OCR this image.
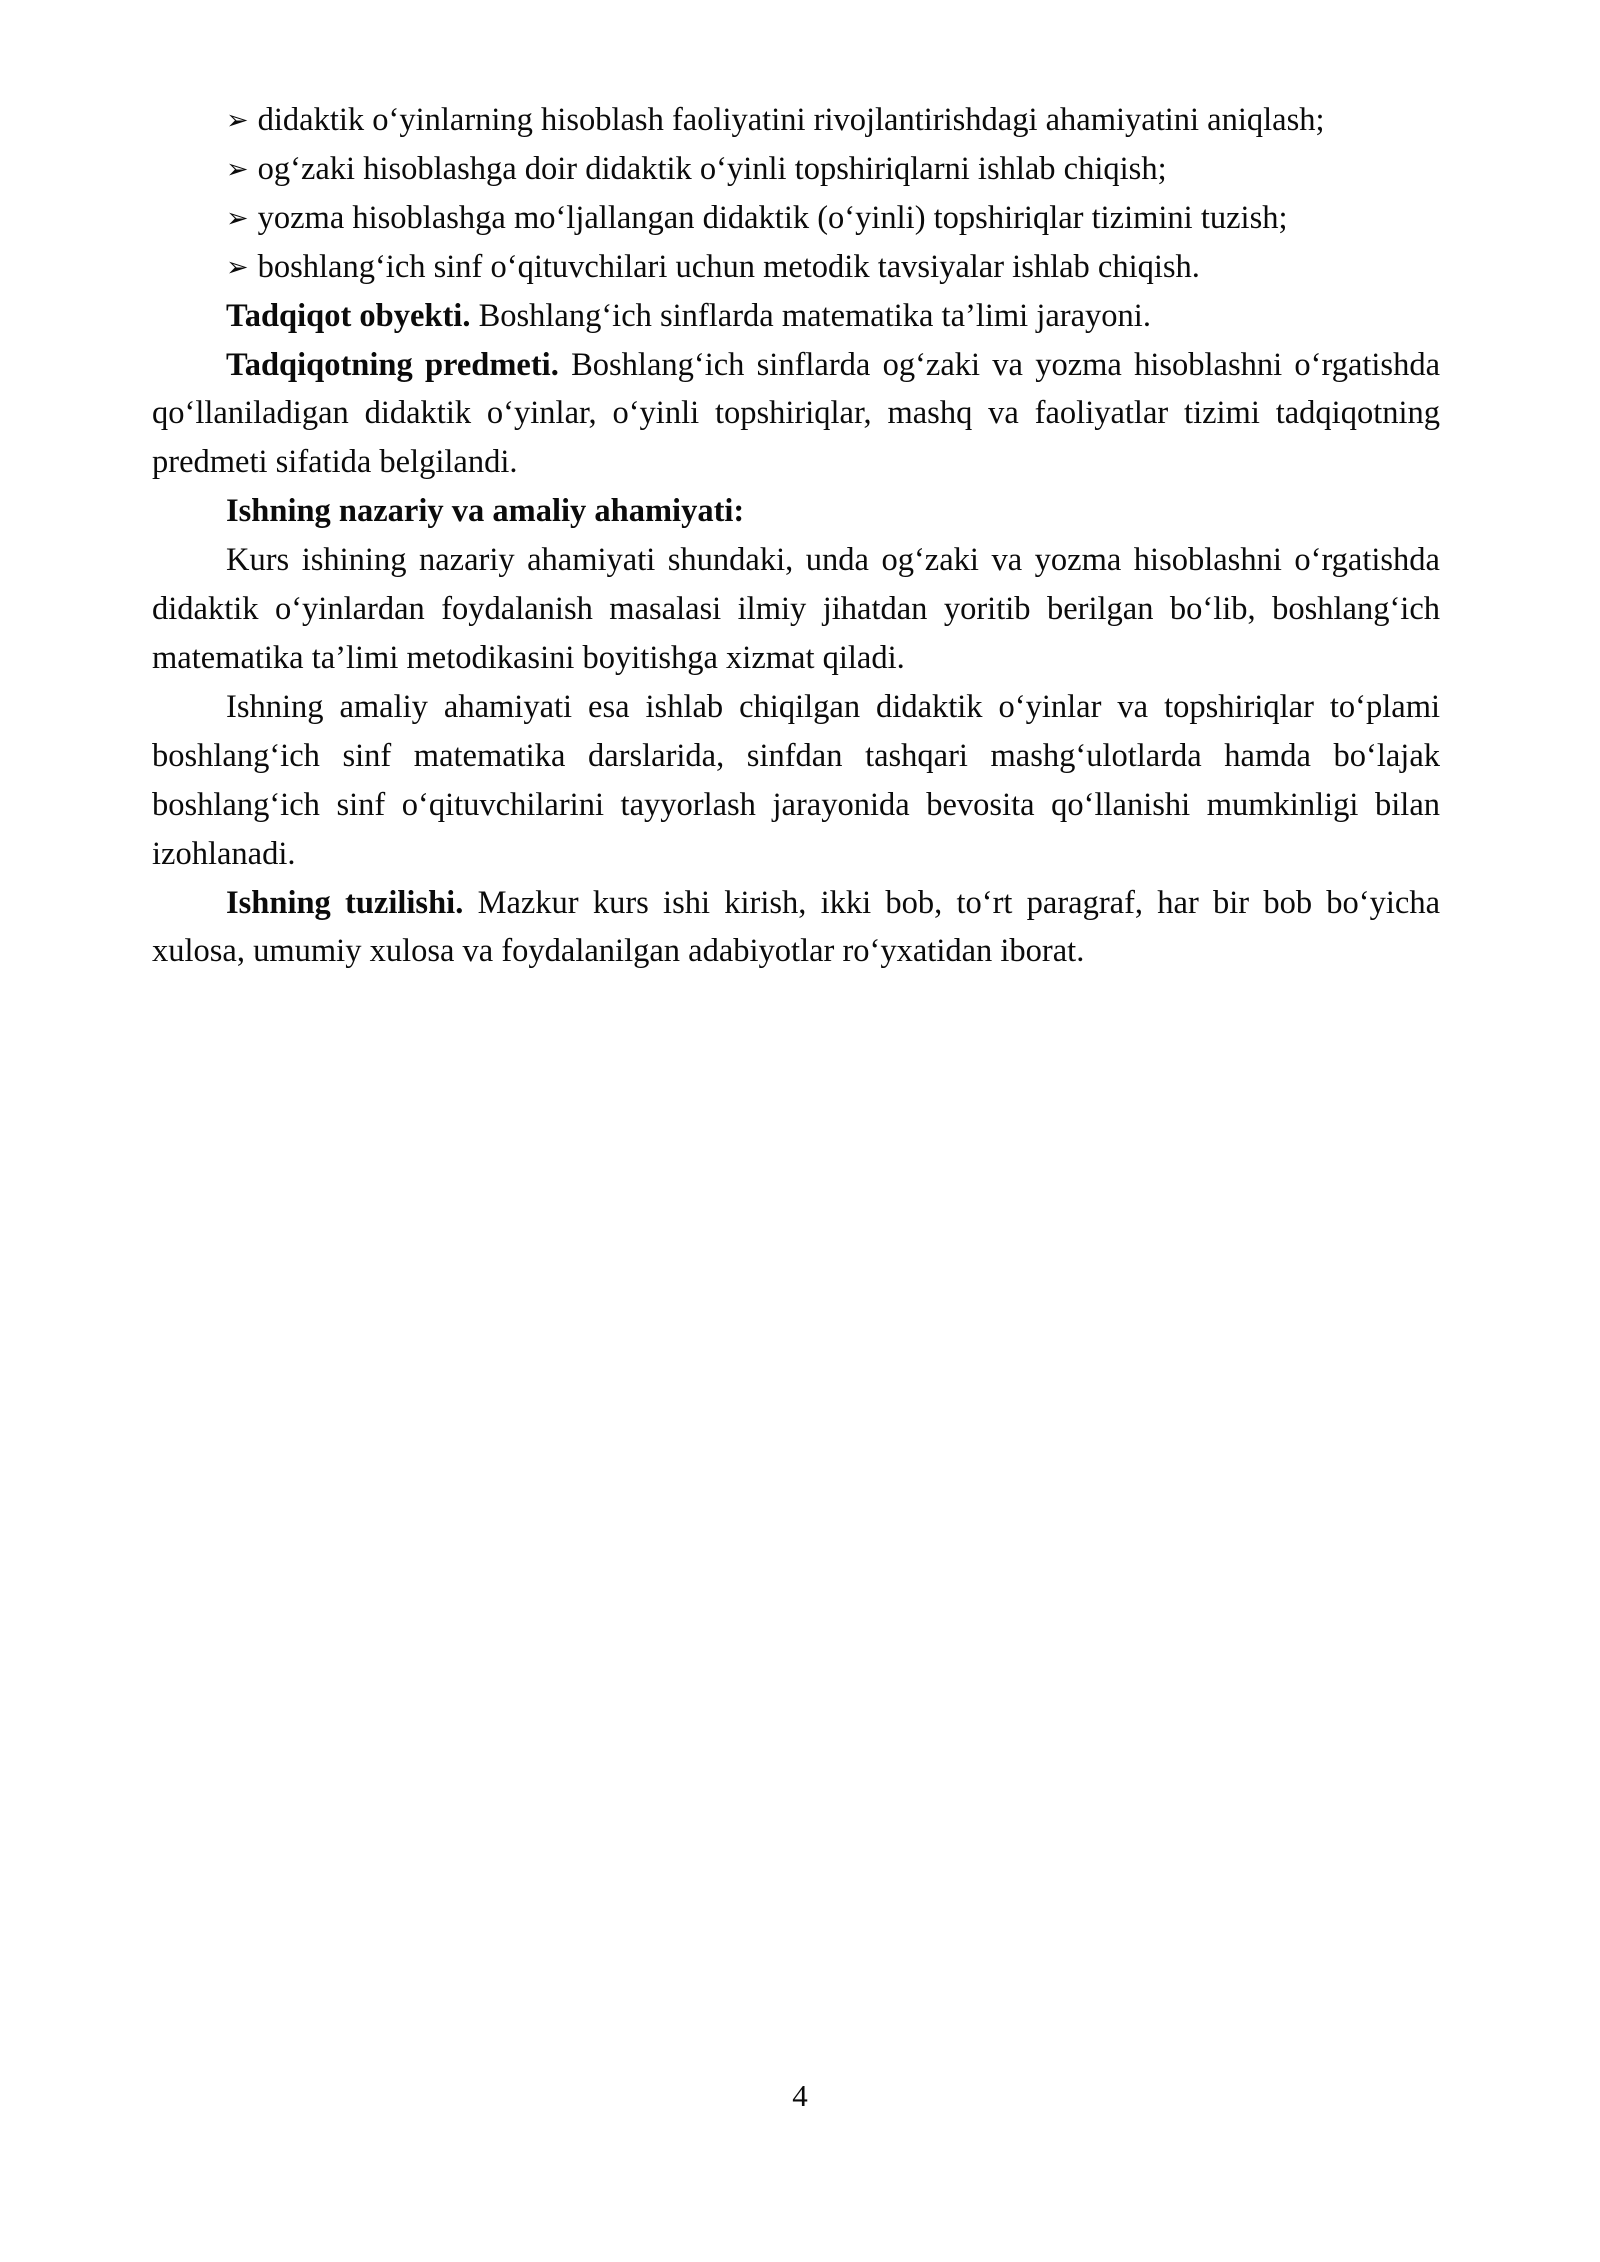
➢ didaktik o‘yinlarning hisoblash faoliyatini rivojlantirishdagi ahamiyatini aniqlash;

➢ og‘zaki hisoblashga doir didaktik o‘yinli topshiriqlarni ishlab chiqish;

➢ yozma hisoblashga mo‘ljallangan didaktik (o‘yinli) topshiriqlar tizimini tuzish;

➢ boshlang‘ich sinf o‘qituvchilari uchun metodik tavsiyalar ishlab chiqish.

Tadqiqot obyekti. Boshlang‘ich sinflarda matematika ta’limi jarayoni.

Tadqiqotning predmeti. Boshlang‘ich sinflarda og‘zaki va yozma hisoblashni o‘rgatishda qo‘llaniladigan didaktik o‘yinlar, o‘yinli topshiriqlar, mashq va faoliyatlar tizimi tadqiqotning predmeti sifatida belgilandi.

Ishning nazariy va amaliy ahamiyati:

Kurs ishining nazariy ahamiyati shundaki, unda og‘zaki va yozma hisoblashni o‘rgatishda didaktik o‘yinlardan foydalanish masalasi ilmiy jihatdan yoritib berilgan bo‘lib, boshlang‘ich matematika ta’limi metodikasini boyitishga xizmat qiladi.

Ishning amaliy ahamiyati esa ishlab chiqilgan didaktik o‘yinlar va topshiriqlar to‘plami boshlang‘ich sinf matematika darslarida, sinfdan tashqari mashg‘ulotlarda hamda bo‘lajak boshlang‘ich sinf o‘qituvchilarini tayyorlash jarayonida bevosita qo‘llanishi mumkinligi bilan izohlanadi.

Ishning tuzilishi. Mazkur kurs ishi kirish, ikki bob, to‘rt paragraf, har bir bob bo‘yicha xulosa, umumiy xulosa va foydalanilgan adabiyotlar ro‘yxatidan iborat.

4
